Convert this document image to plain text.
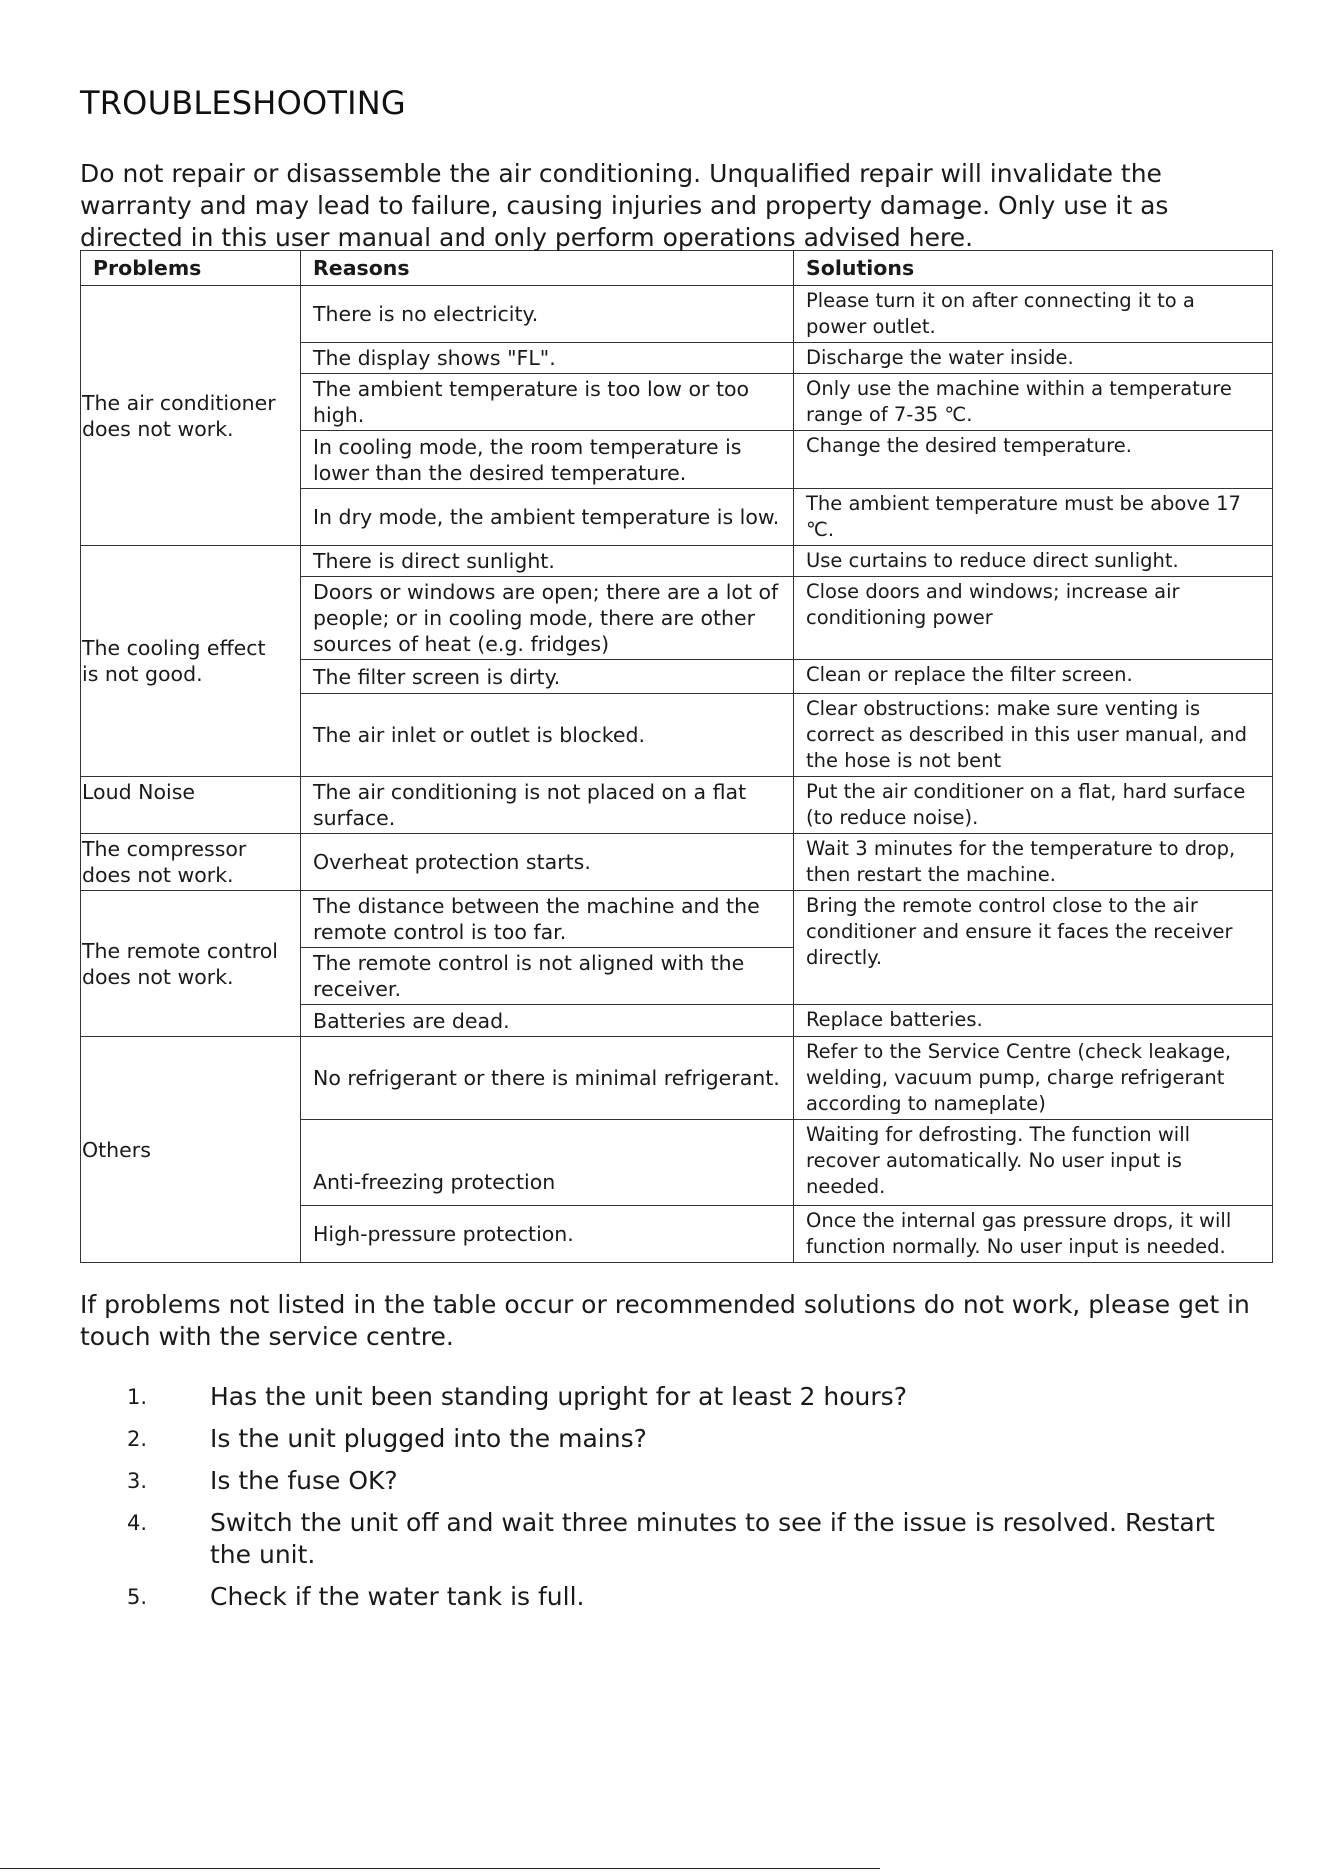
TROUBLESHOOTING

Do not repair or disassemble the air conditioning. Unqualified repair will invalidate the warranty and may lead to failure, causing injuries and property damage. Only use it as directed in this user manual and only perform operations advised here.

Problems	Reasons	Solutions
The air conditioner does not work.	There is no electricity.	Please turn it on after connecting it to a power outlet.
	The display shows "FL".	Discharge the water inside.
	The ambient temperature is too low or too high.	Only use the machine within a temperature range of 7-35 ℃.
	In cooling mode, the room temperature is lower than the desired temperature.	Change the desired temperature.
	In dry mode, the ambient temperature is low.	The ambient temperature must be above 17 ℃.
The cooling effect is not good.	There is direct sunlight.	Use curtains to reduce direct sunlight.
	Doors or windows are open; there are a lot of people; or in cooling mode, there are other sources of heat (e.g. fridges)	Close doors and windows; increase air conditioning power
	The filter screen is dirty.	Clean or replace the filter screen.
	The air inlet or outlet is blocked.	Clear obstructions: make sure venting is correct as described in this user manual, and the hose is not bent
Loud Noise	The air conditioning is not placed on a flat surface.	Put the air conditioner on a flat, hard surface (to reduce noise).
The compressor does not work.	Overheat protection starts.	Wait 3 minutes for the temperature to drop, then restart the machine.
The remote control does not work.	The distance between the machine and the remote control is too far.	Bring the remote control close to the air conditioner and ensure it faces the receiver directly.
	The remote control is not aligned with the receiver.	
	Batteries are dead.	Replace batteries.
Others	No refrigerant or there is minimal refrigerant.	Refer to the Service Centre (check leakage, welding, vacuum pump, charge refrigerant according to nameplate)
	Anti-freezing protection	Waiting for defrosting. The function will recover automatically. No user input is needed.
	High-pressure protection.	Once the internal gas pressure drops, it will function normally. No user input is needed.

If problems not listed in the table occur or recommended solutions do not work, please get in touch with the service centre.

1.	Has the unit been standing upright for at least 2 hours?
2.	Is the unit plugged into the mains?
3.	Is the fuse OK?
4.	Switch the unit off and wait three minutes to see if the issue is resolved. Restart the unit.
5.	Check if the water tank is full.
